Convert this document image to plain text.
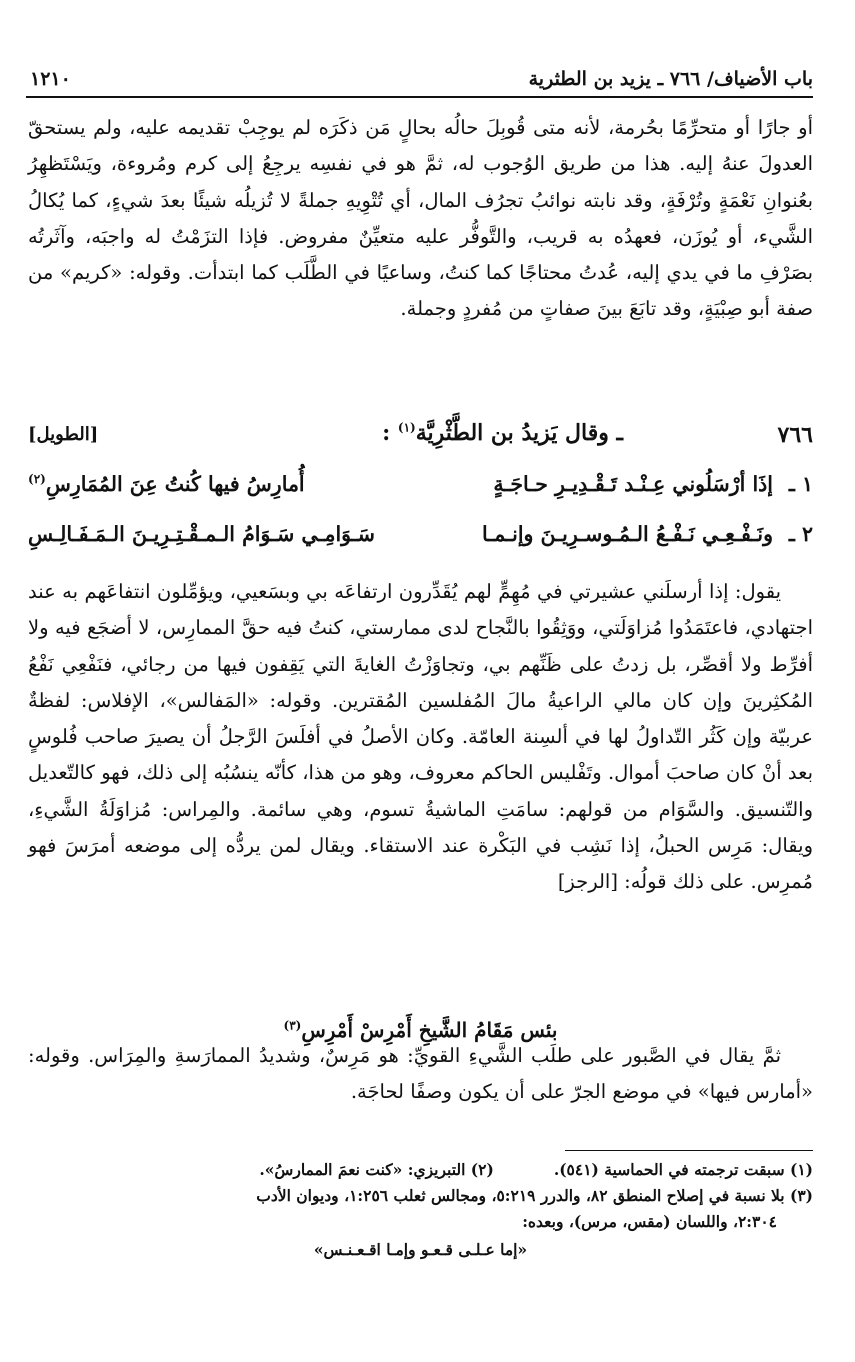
باب الأضياف/ ٧٦٦ ـ يزيد بن الطثرية
١٢١٠
أو جارًا أو متحرِّمًا بحُرمة، لأنه متى قُوبِلَ حالُه بحالٍ مَن ذكَرَه لم يوجِبْ تقديمه عليه، ولم يستحقّ العدولَ عنهُ إليه. هذا من طريق الوُجوب له، ثمَّ هو في نفسِه يرجِعُ إلى كرم ومُروءة، ويَسْتَظهِرُ بعُنوانِ نَعْمَةٍ وتُرْفَةٍ، وقد نابته نوائبُ تجرُف المال، أي تُتْوِيهِ جملةً لا تُزيلُه شيئًا بعدَ شيءٍ، كما يُكالُ الشَّيء، أو يُوزَن، فعهدُه به قريب، والتَّوفُّر عليه متعيِّنٌ مفروض. فإذا التزَمْتُ له واجبَه، وآثَرتُه بصَرْفِ ما في يدي إليه، عُدتُ محتاجًا كما كنتُ، وساعيًا في الطَّلَب كما ابتدأت. وقوله: «كريم» من صفة أبو صِبْيَةٍ، وقد تابَعَ بينَ صفاتٍ من مُفردٍ وجملة.
٧٦٦
ـ وقال يَزيدُ بن الطَّثْرِيَّة$^{(١)}$ :
[الطويل]
١ ـ
إذَا أرْسَلُوني عِـنْـد تَـقْـدِيـرِ حـاجَـةٍ
أُمارِسُ فيها كُنتُ عِنَ المُمَارِسِ$^{(٢)}$
٢ ـ
ونَـفْـعِـي نَـفْـعُ الـمُـوسـرِيـنَ وإنـمـا
سَـوَامِـي سَـوَامُ الـمـقْـتِـرِيـنَ الـمَـفَـالِـسِ
يقول: إذا أرسلَني عشيرتي في مُهِمٍّ لهم يُقَدِّرون ارتفاعَه بي وبسَعيي، ويؤمِّلون انتفاعَهم به عند اجتهادي، فاعتَمَدُوا مُزاوَلَتي، ووَثِقُوا بالنَّجاح لدى ممارستي، كنتُ فيه حقَّ الممارِس، لا أضجَع فيه ولا أفرِّط ولا أقصِّر، بل زدتُ على ظَنِّهم بي، وتجاوَزْتُ الغايةَ التي يَقِفون فيها من رجائي، فنَفْعِي نَفْعُ المُكثِرينَ وإن كان مالي الراعيةُ مالَ المُفلسين المُقترين. وقوله: «المَفالس»، الإفلاس: لفظةٌ عربيّة وإن كَثُر التّداولُ لها في ألسِنة العامّة. وكان الأصلُ في أفلَسَ الرَّجلُ أن يصيرَ صاحب فُلوسٍ بعد أنْ كان صاحبَ أموال. وتَفْليس الحاكم معروف، وهو من هذا، كأنّه ينسُبُه إلى ذلك، فهو كالتّعديل والتّنسيق. والسَّوَام من قولهم: سامَتِ الماشيةُ تسوم، وهي سائمة. والمِراس: مُزاوَلَةُ الشَّيءِ، ويقال: مَرِس الحبلُ، إذا نَشِب في البَكْرة عند الاستقاء. ويقال لمن يردُّه إلى موضعه أمرَسَ فهو مُمرِس. على ذلك قولُه: [الرجز]
بئس مَقَامُ الشَّيخِ أَمْرِسْ أَمْرِسِ$^{(٣)}$
ثمَّ يقال في الصَّبور على طلَب الشَّيءِ القويِّ: هو مَرِسٌ، وشديدُ الممارَسةِ والمِرَاس. وقوله: «أمارس فيها» في موضع الجرّ على أن يكون وصفًا لحاجَة.
(١) سبقت ترجمته في الحماسية (٥٤١).
(٢) التبريزي: «كنت نعمَ الممارسُ».
(٣) بلا نسبة في إصلاح المنطق ٨٢، والدرر ٥:٢١٩، ومجالس ثعلب ١:٢٥٦، وديوان الأدب
٢:٣٠٤، واللسان (مقس، مرس)، وبعده:
«إما عـلـى قـعـو وإمـا اقـعـنـس»
